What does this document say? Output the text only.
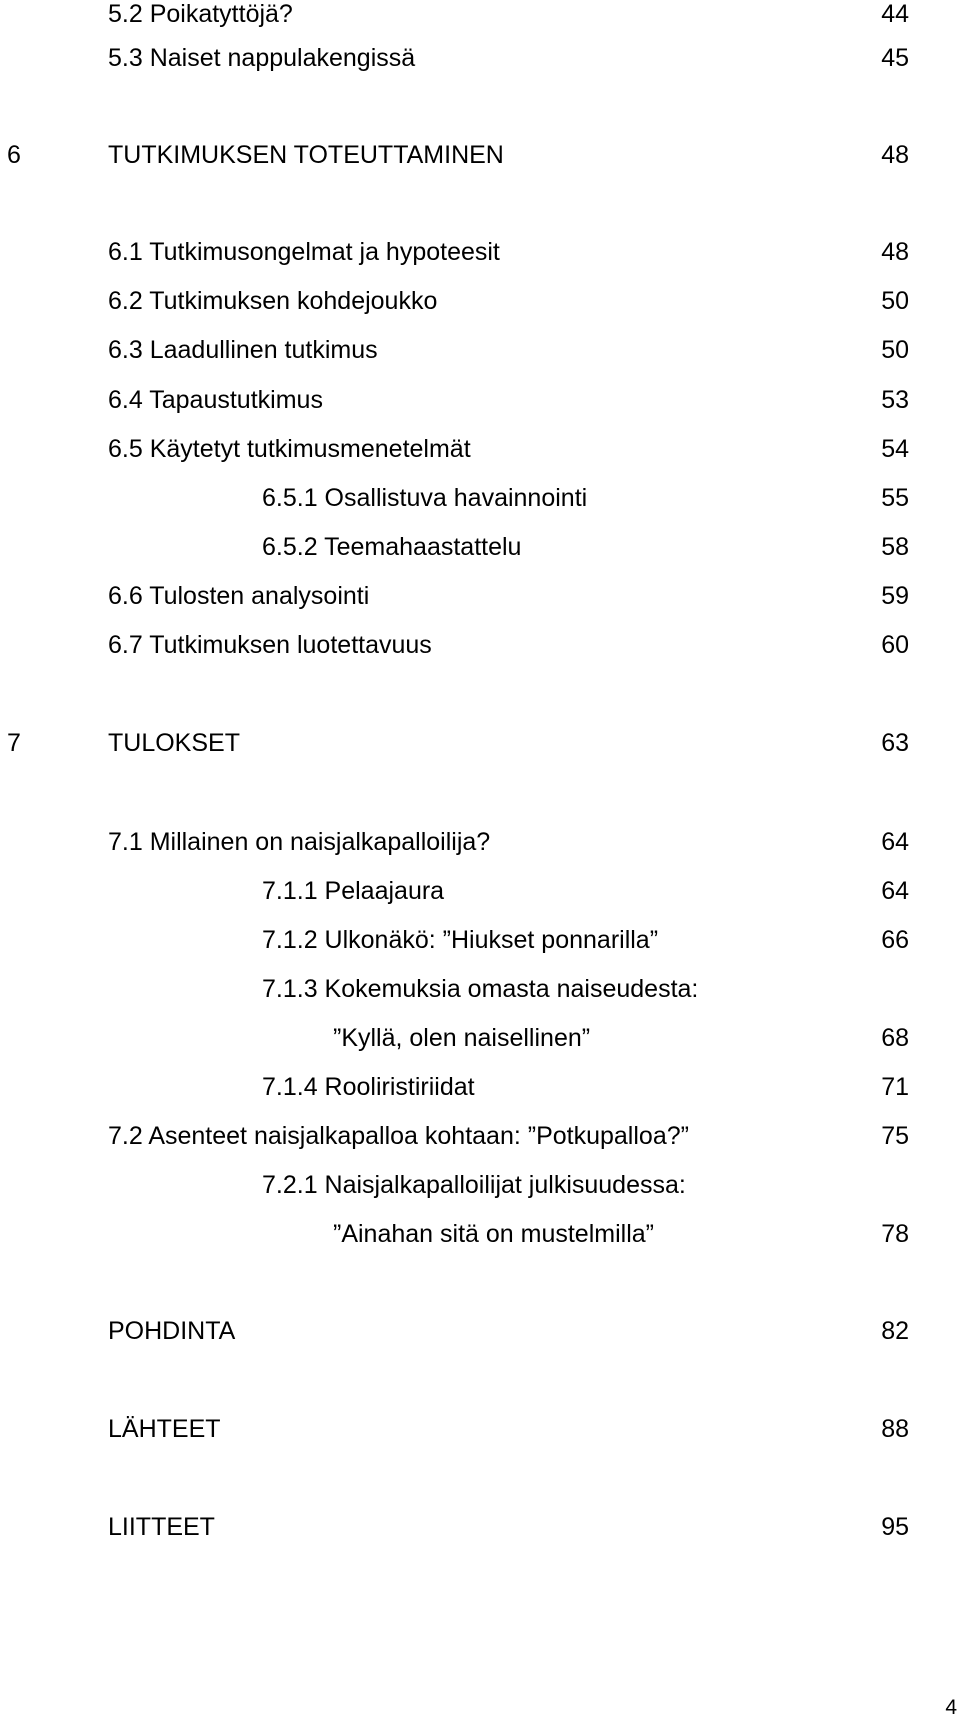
5.2 Poikatyttöjä?	44
5.3 Naiset nappulakengissä	45
6	TUTKIMUKSEN TOTEUTTAMINEN	48
6.1 Tutkimusongelmat ja hypoteesit	48
6.2 Tutkimuksen kohdejoukko	50
6.3 Laadullinen tutkimus	50
6.4 Tapaustutkimus	53
6.5 Käytetyt tutkimusmenetelmät	54
6.5.1 Osallistuva havainnointi	55
6.5.2 Teemahaastattelu	58
6.6 Tulosten analysointi	59
6.7 Tutkimuksen luotettavuus	60
7	TULOKSET	63
7.1 Millainen on naisjalkapalloilija?	64
7.1.1 Pelaajaura	64
7.1.2 Ulkonäkö: ”Hiukset ponnarilla”	66
7.1.3 Kokemuksia omasta naiseudesta:
”Kyllä, olen naisellinen”	68
7.1.4 Rooliristiriidat	71
7.2 Asenteet naisjalkapalloa kohtaan: ”Potkupalloa?”	75
7.2.1 Naisjalkapalloilijat julkisuudessa:
”Ainahan sitä on mustelmilla”	78
POHDINTA	82
LÄHTEET	88
LIITTEET	95
4
